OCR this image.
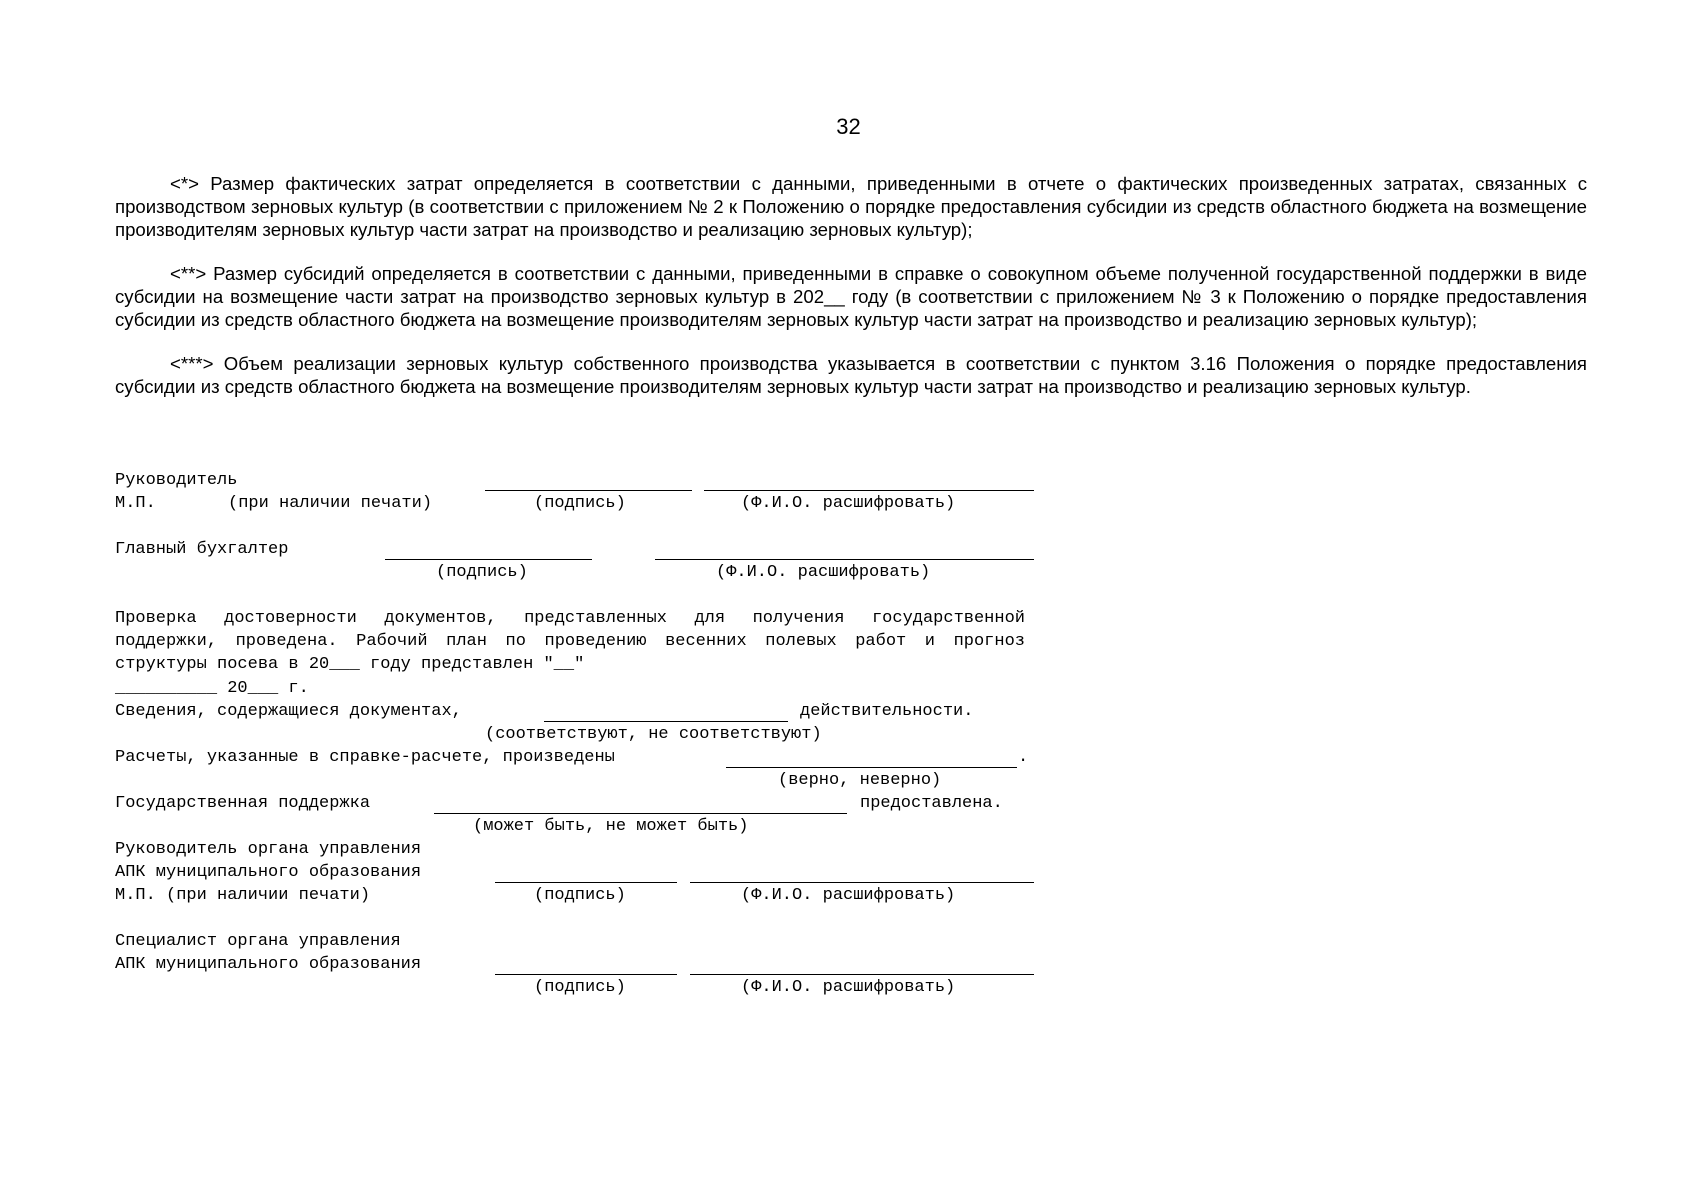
32

<*> Размер фактических затрат определяется в соответствии с данными, приведенными в отчете о фактических произведенных затратах, связанных с производством зерновых культур (в соответствии с приложением № 2 к Положению о порядке предоставления субсидии из средств областного бюджета на возмещение производителям зерновых культур части затрат на производство и реализацию зерновых культур);

<**> Размер субсидий определяется в соответствии с данными, приведенными в справке о совокупном объеме полученной государственной поддержки в виде субсидии на возмещение части затрат на производство зерновых культур в 202__ году (в соответствии с приложением № 3 к Положению о порядке предоставления субсидии из средств областного бюджета на возмещение производителям зерновых культур части затрат на производство и реализацию зерновых культур);

<***> Объем реализации зерновых культур собственного производства указывается в соответствии с пунктом 3.16 Положения о порядке предоставления субсидии из средств областного бюджета на возмещение производителям зерновых культур части затрат на производство и реализацию зерновых культур.

Руководитель
М.П.	(при наличии печати)	(подпись)	(Ф.И.О. расшифровать)
Главный бухгалтер
(подпись)	(Ф.И.О. расшифровать)
Проверка достоверности документов, представленных для получения государственной поддержки, проведена. Рабочий план по проведению весенних полевых работ и прогноз структуры посева в 20___ году представлен "__"
__________ 20___ г.
Сведения, содержащиеся документах,	действительности.
(соответствуют, не соответствуют)
Расчеты, указанные в справке-расчете, произведены	.
(верно, неверно)
Государственная поддержка	предоставлена.
(может быть, не может быть)
Руководитель органа управления
АПК муниципального образования
М.П. (при наличии печати)	(подпись)	(Ф.И.О. расшифровать)
Специалист органа управления
АПК муниципального образования
(подпись)	(Ф.И.О. расшифровать)
